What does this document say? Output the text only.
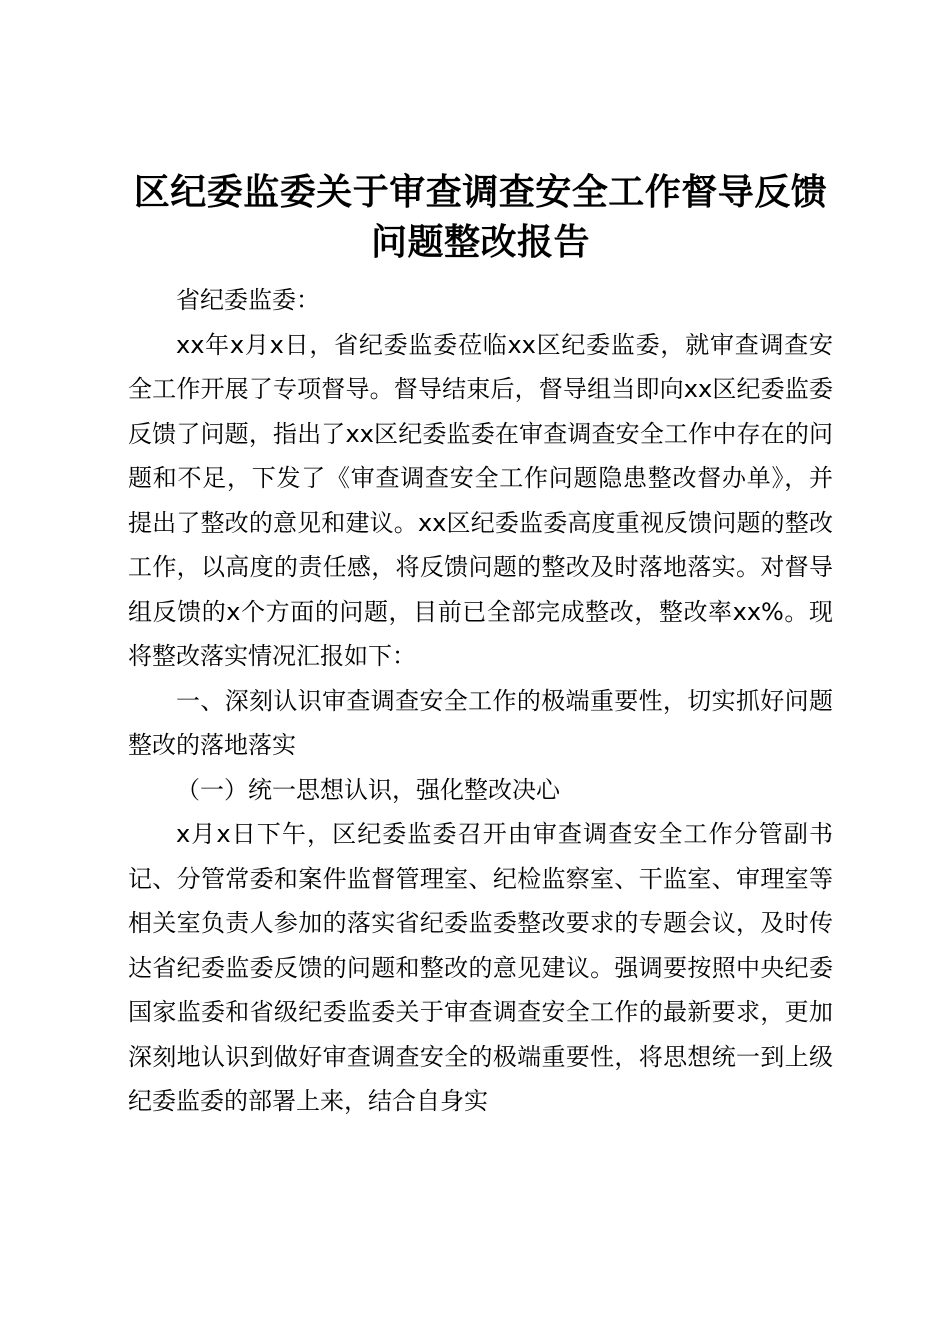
区纪委监委关于审查调查安全工作督导反馈问题整改报告

省纪委监委：

xx年x月x日，省纪委监委莅临xx区纪委监委，就审查调查安全工作开展了专项督导。督导结束后，督导组当即向xx区纪委监委反馈了问题，指出了xx区纪委监委在审查调查安全工作中存在的问题和不足，下发了《审查调查安全工作问题隐患整改督办单》，并提出了整改的意见和建议。xx区纪委监委高度重视反馈问题的整改工作，以高度的责任感，将反馈问题的整改及时落地落实。对督导组反馈的x个方面的问题，目前已全部完成整改，整改率xx%。现将整改落实情况汇报如下：

一、深刻认识审查调查安全工作的极端重要性，切实抓好问题整改的落地落实

（一）统一思想认识，强化整改决心

x月x日下午，区纪委监委召开由审查调查安全工作分管副书记、分管常委和案件监督管理室、纪检监察室、干监室、审理室等相关室负责人参加的落实省纪委监委整改要求的专题会议，及时传达省纪委监委反馈的问题和整改的意见建议。强调要按照中央纪委国家监委和省级纪委监委关于审查调查安全工作的最新要求，更加深刻地认识到做好审查调查安全的极端重要性，将思想统一到上级纪委监委的部署上来，结合自身实
